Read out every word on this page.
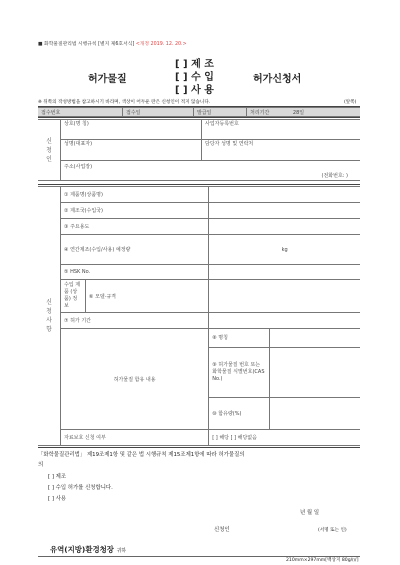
■ 화학물질관리법 시행규칙 [별지 제6호서식] <개정 2019. 12. 20.>
허가물질
[ ] 제 조
[ ] 수 입
[ ] 사 용
허가신청서
※ 뒤쪽의 작성방법을 참고하시기 바라며, 색상이 어두운 란은 신청인이 적지 않습니다.	(앞쪽)
접수번호	접수일	발급일	처리기간	28일
신
청
인	상호(명 칭)	사업자등록번호
	성명(대표자)	담당자 성명 및 연락처
	주소(사업장)	
	(전화번호: )	
신
청
사
항
	① 제품명(상품명)	
② 제조국(수입국)	
③ 주요용도	
④ 연간제조(수입/사용) 예정량	kg
⑤ HSK No.	
수입 제품 (상품) 정보	⑥ 모델·규격	
⑦ 허가 기간	
허가물질 함유 내용	
⑧ 명칭	
⑨ 허가물질 번호 또는 화학물질 식별번호(CAS No.)	
⑩ 함유량(%)	

자료보호 신청 여부	[ ] 해당 [ ] 해당없음
「화학물질관리법」 제19조제1항 및 같은 법 시행규칙 제15조제1항에 따라 허가물질의
의
[ ] 제조
[ ] 수입 허가를 신청합니다.
[ ] 사용
년 월 일
신청인	(서명 또는 인)
유역(지방)환경청장 귀하
210mm×297mm[백상지 80g/㎡]
